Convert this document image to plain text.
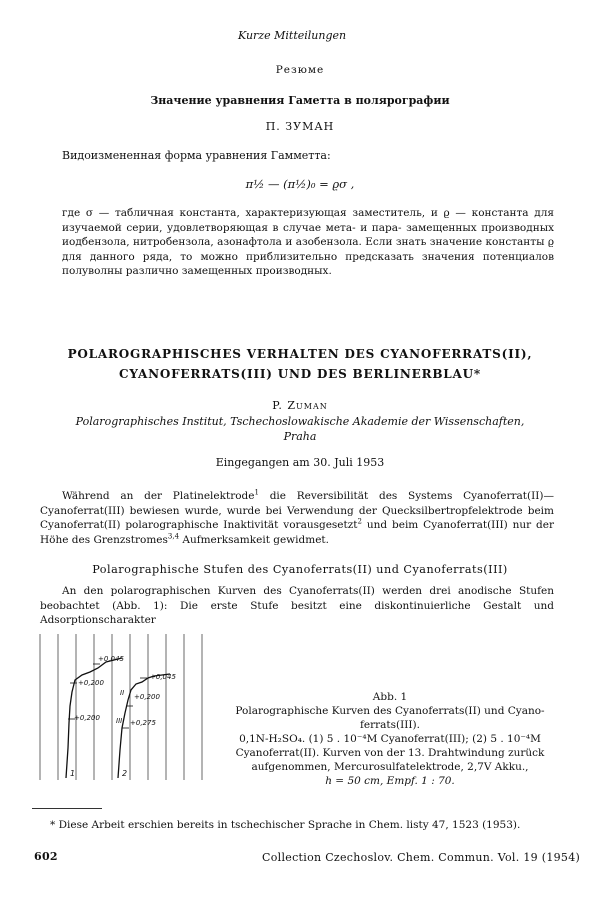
Kurze Mitteilungen
Резюме
Значение уравнения Гаметта в полярографии
П. ЗУМАН
Видоизмененная форма уравнения Гамметта:
π½ — (π½)₀ = ϱσ ,
где σ — табличная константа, характеризующая заместитель, и ϱ — константа для изучаемой серии, удовлетворяющая в случае мета- и пара- замещенных производных иодбензола, нитробензола, азонафтола и азобензола. Если знать значение константы ϱ для данного ряда, то можно приблизительно предсказать значения потенциалов полуволны различно замещенных производных.
POLAROGRAPHISCHES VERHALTEN DES CYANOFERRATS(II),
CYANOFERRATS(III) UND DES BERLINERBLAU*
P. Zuman
Polarographisches Institut, Tschechoslowakische Akademie der Wissenschaften,
Praha
Eingegangen am 30. Juli 1953
Während an der Platinelektrode$^1$ die Reversibilität des Systems Cyanoferrat(II)—Cyanoferrat(III) bewiesen wurde, wurde bei Verwendung der Quecksilbertropfelektrode beim Cyanoferrat(II) polarographische Inaktivität vorausgesetzt$^2$ und beim Cyanoferrat(III) nur der Höhe des Grenzstromes$^{3,4}$ Aufmerksamkeit gewidmet.
Polarographische Stufen des Cyanoferrats(II) und Cyanoferrats(III)
An den polarographischen Kurven des Cyanoferrats(II) werden drei anodische Stufen beobachtet (Abb. 1): Die erste Stufe besitzt eine diskontinuierliche Gestalt und Adsorptionscharakter
+0,045
+0,200
+0,045
+0,200
+0,200
+0,275
II
III
1	2
Abb. 1
Polarographische Kurven des Cyanoferrats(II) und Cyano-
ferrats(III).
0,1N-H₂SO₄. (1) 5 . 10⁻⁴M Cyanoferrat(III); (2) 5 . 10⁻⁴M
Cyanoferrat(II). Kurven von der 13. Drahtwindung zurück
aufgenommen, Mercurosulfatelektrode, 2,7V Akku.,
h = 50 cm, Empf. 1 : 70.
* Diese Arbeit erschien bereits in tschechischer Sprache in Chem. listy 47, 1523 (1953).
602	Collection Czechoslov. Chem. Commun. Vol. 19 (1954)
